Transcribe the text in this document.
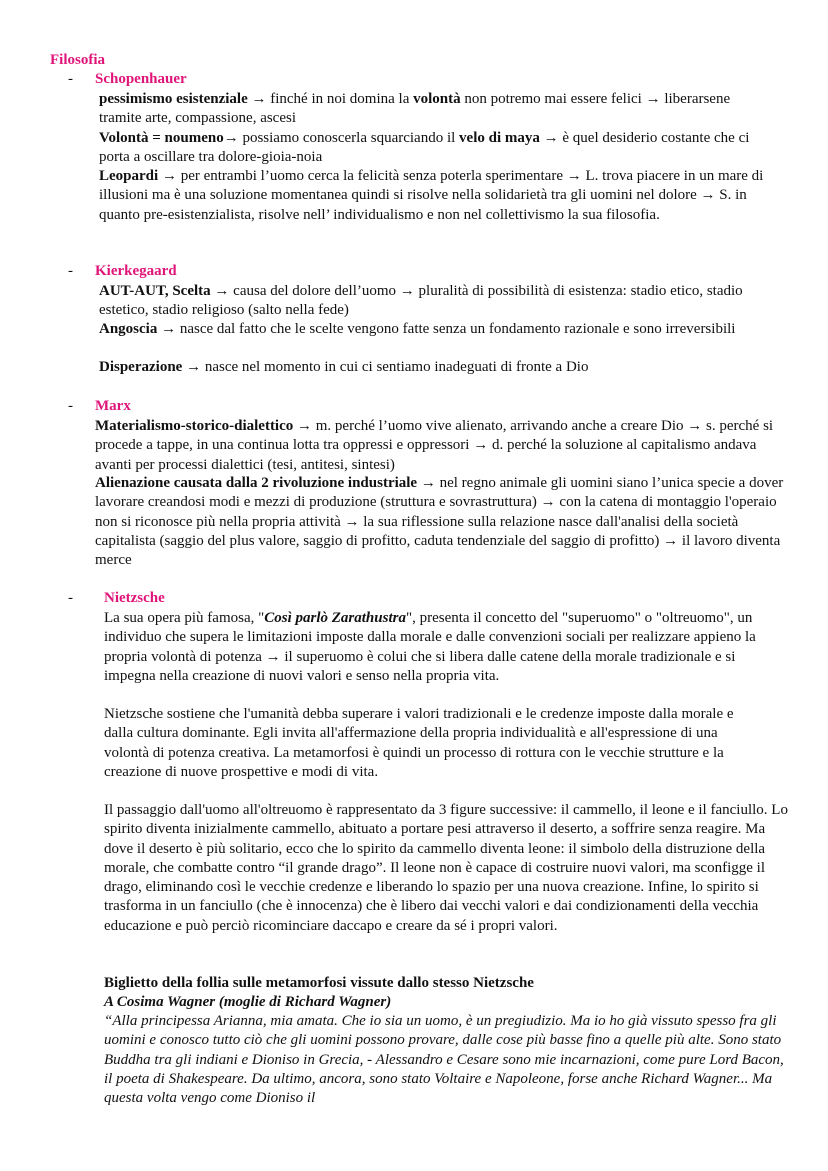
Filosofia
- Schopenhauer
pessimismo esistenziale → finché in noi domina la volontà non potremo mai essere felici → liberarsene tramite arte, compassione, ascesi
Volontà = noumeno→ possiamo conoscerla squarciando il velo di maya → è quel desiderio costante che ci porta a oscillare tra dolore-gioia-noia
Leopardi → per entrambi l’uomo cerca la felicità senza poterla sperimentare → L. trova piacere in un mare di illusioni ma è una soluzione momentanea quindi si risolve nella solidarietà tra gli uomini nel dolore → S. in quanto pre-esistenzialista, risolve nell’ individualismo e non nel collettivismo la sua filosofia.
- Kierkegaard
AUT-AUT, Scelta → causa del dolore dell’uomo → pluralità di possibilità di esistenza: stadio etico, stadio estetico, stadio religioso (salto nella fede)
Angoscia → nasce dal fatto che le scelte vengono fatte senza un fondamento razionale e sono irreversibili
Disperazione → nasce nel momento in cui ci sentiamo inadeguati di fronte a Dio
- Marx
Materialismo-storico-dialettico → m. perché l’uomo vive alienato, arrivando anche a creare Dio → s. perché si procede a tappe, in una continua lotta tra oppressi e oppressori → d. perché la soluzione al capitalismo andava avanti per processi dialettici (tesi, antitesi, sintesi)
Alienazione causata dalla 2 rivoluzione industriale → nel regno animale gli uomini siano l’unica specie a dover lavorare creandosi modi e mezzi di produzione (struttura e sovrastruttura) → con la catena di montaggio l'operaio non si riconosce più nella propria attività → la sua riflessione sulla relazione nasce dall'analisi della società capitalista (saggio del plus valore, saggio di profitto, caduta tendenziale del saggio di profitto) → il lavoro diventa merce
- Nietzsche
La sua opera più famosa, "Così parlò Zarathustra", presenta il concetto del "superuomo" o "oltreuomo", un individuo che supera le limitazioni imposte dalla morale e dalle convenzioni sociali per realizzare appieno la propria volontà di potenza → il superuomo è colui che si libera dalle catene della morale tradizionale e si impegna nella creazione di nuovi valori e senso nella propria vita.
Nietzsche sostiene che l'umanità debba superare i valori tradizionali e le credenze imposte dalla morale e dalla cultura dominante. Egli invita all'affermazione della propria individualità e all'espressione di una volontà di potenza creativa. La metamorfosi è quindi un processo di rottura con le vecchie strutture e la creazione di nuove prospettive e modi di vita.
Il passaggio dall'uomo all'oltreuomo è rappresentato da 3 figure successive: il cammello, il leone e il fanciullo. Lo spirito diventa inizialmente cammello, abituato a portare pesi attraverso il deserto, a soffrire senza reagire. Ma dove il deserto è più solitario, ecco che lo spirito da cammello diventa leone: il simbolo della distruzione della morale, che combatte contro “il grande drago”. Il leone non è capace di costruire nuovi valori, ma sconfigge il drago, eliminando così le vecchie credenze e liberando lo spazio per una nuova creazione. Infine, lo spirito si trasforma in un fanciullo (che è innocenza) che è libero dai vecchi valori e dai condizionamenti della vecchia educazione e può perciò ricominciare daccapo e creare da sé i propri valori.
Biglietto della follia sulle metamorfosi vissute dallo stesso Nietzsche
A Cosima Wagner (moglie di Richard Wagner)
“Alla principessa Arianna, mia amata. Che io sia un uomo, è un pregiudizio. Ma io ho già vissuto spesso fra gli uomini e conosco tutto ciò che gli uomini possono provare, dalle cose più basse fino a quelle più alte. Sono stato Buddha tra gli indiani e Dioniso in Grecia, - Alessandro e Cesare sono mie incarnazioni, come pure Lord Bacon, il poeta di Shakespeare. Da ultimo, ancora, sono stato Voltaire e Napoleone, forse anche Richard Wagner... Ma questa volta vengo come Dioniso il
